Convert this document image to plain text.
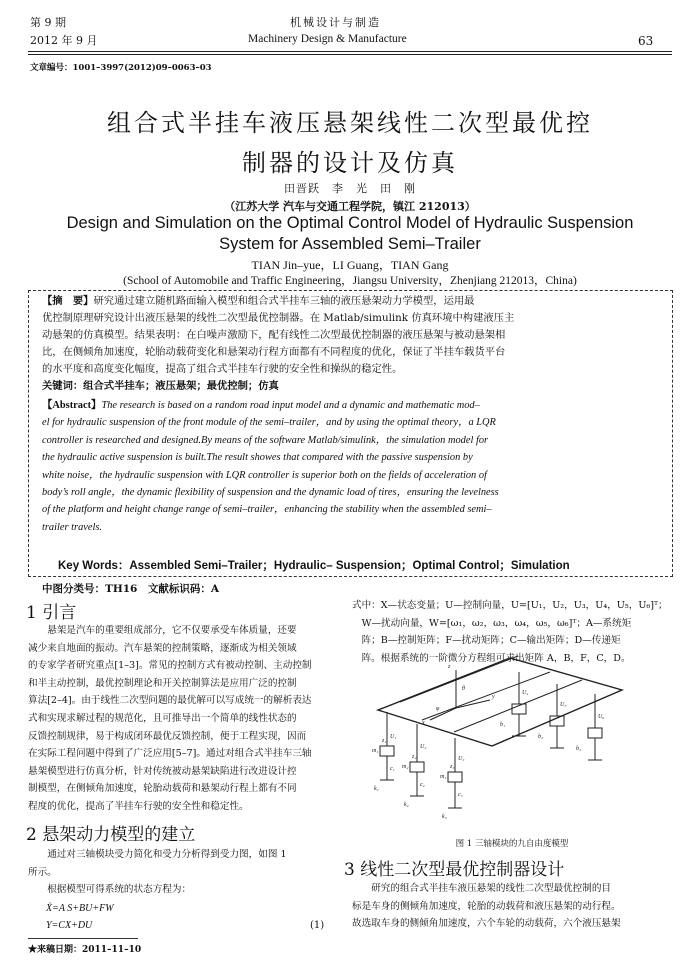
第 9 期
2012 年 9 月
机械设计与制造
Machinery Design & Manufacture	63
文章编号：1001–3997(2012)09–0063–03
组合式半挂车液压悬架线性二次型最优控
制器的设计及仿真
田晋跃　李　光　田　刚
（江苏大学 汽车与交通工程学院，镇江 212013）
Design and Simulation on the Optimal Control Model of Hydraulic Suspension
System for Assembled Semi–Trailer
TIAN Jin–yue，LI Guang，TIAN Gang
(School of Automobile and Traffic Engineering，Jiangsu University，Zhenjiang 212013，China)
【摘　要】研究通过建立随机路面输入模型和组合式半挂车三轴的液压悬架动力学模型，运用最
优控制原理研究设计出液压悬架的线性二次型最优控制器。在 Matlab/simulink 仿真环境中构建液压主
动悬架的仿真模型。结果表明：在白噪声激励下，配有线性二次型最优控制器的液压悬架与被动悬架相
比，在侧倾角加速度，轮胎动载荷变化和悬架动行程方面都有不同程度的优化，保证了半挂车载货平台
的水平度和高度变化幅度，提高了组合式半挂车行驶的安全性和操纵的稳定性。
关键词：组合式半挂车；液压悬架；最优控制；仿真
【Abstract】The research is based on a random road input model and a dynamic and mathematic mod–
el for hydraulic suspension of the front module of the semi–trailer，and by using the optimal theory，a LQR
controller is researched and designed.By means of the software Matlab/simulink，the simulation model for
the hydraulic active suspension is built.The result showes that compared with the passive suspension by
white noise，the hydraulic suspension with LQR controller is superior both on the fields of acceleration of
body’s roll angle，the dynamic flexibility of suspension and the dynamic load of tires，ensuring the levelness
of the platform and height change range of semi–trailer，enhancing the stability when the assembled semi–
trailer travels.
Key Words：Assembled Semi–Trailer；Hydraulic– Suspension；Optimal Control；Simulation
中图分类号：TH16　文献标识码：A
1 引言
悬架是汽车的重要组成部分，它不仅要承受车体质量，还要
减少来自地面的振动。汽车悬架的控制策略，逐渐成为相关领域
的专家学者研究重点[1–3]。常见的控制方式有被动控制、主动控制
和半主动控制，最优控制理论和开关控制算法是应用广泛的控制
算法[2–4]。由于线性二次型问题的最优解可以写成统一的解析表达
式和实现求解过程的规范化，且可推导出一个简单的线性状态的
反馈控制规律，易于构成闭环最优反馈控制，便于工程实现，因而
在实际工程问题中得到了广泛应用[5–7]。通过对组合式半挂车三轴
悬架模型进行仿真分析，针对传统被动悬架缺陷进行改进设计控
制模型，在侧倾角加速度，轮胎动载荷和悬架动行程上都有不同
程度的优化，提高了半挂车行驶的安全性和稳定性。
2 悬架动力模型的建立
通过对三轴模块受力简化和受力分析得到受力图，如图 1
所示。
根据模型可得系统的状态方程为：
Ẋ=A S+BU+FW
Y=CX+DU	(1)
★来稿日期：2011–11–10
式中：X—状态变量；U—控制向量，U=[U₁，U₂，U₃，U₄，U₅，U₆]ᵀ；
W—扰动向量，W=[ω₁，ω₂，ω₃，ω₄，ω₅，ω₆]ᵀ；A—系统矩
阵；B—控制矩阵；F—扰动矩阵；C—输出矩阵；D—传递矩
阵。根据系统的一阶微分方程组可求出矩阵 A，B，F，C，D。
z
x
y
θ
φ
m₁
m₂
m₃
U₁
U₂
U₃
U₄
U₅
U₆
k₁
k₂
k₃
c₁
c₂
c₃
z₁
z₂
z₃
b₁
b₂
b₃
图 1 三轴模块的九自由度模型
3 线性二次型最优控制器设计
研究的组合式半挂车液压悬架的线性二次型最优控制的目
标是车身的侧倾角加速度，轮胎的动载荷和液压悬架的动行程。
故选取车身的侧倾角加速度，六个车轮的动载荷，六个液压悬架
